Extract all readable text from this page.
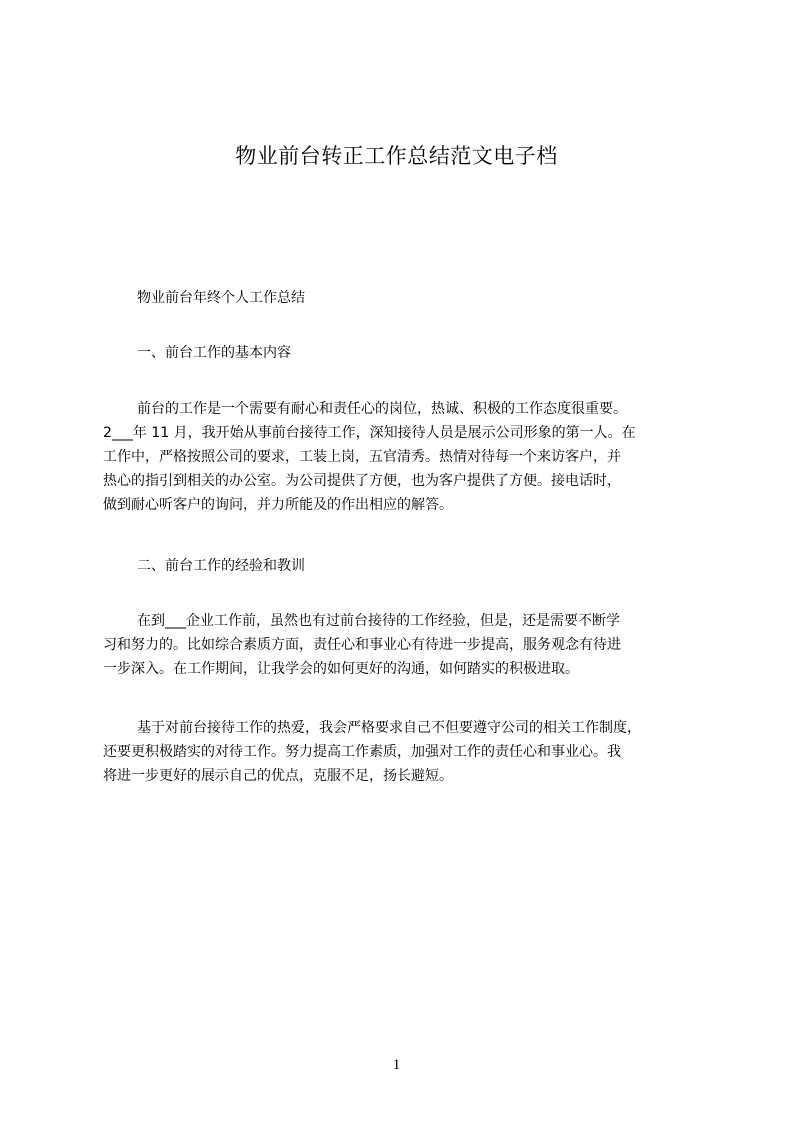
物业前台转正工作总结范文电子档
物业前台年终个人工作总结
一、前台工作的基本内容
前台的工作是一个需要有耐心和责任心的岗位，热诚、积极的工作态度很重要。
2___年 11 月，我开始从事前台接待工作，深知接待人员是展示公司形象的第一人。在
工作中，严格按照公司的要求，工装上岗，五官清秀。热情对待每一个来访客户，并
热心的指引到相关的办公室。为公司提供了方便，也为客户提供了方便。接电话时，
做到耐心听客户的询问，并力所能及的作出相应的解答。
二、前台工作的经验和教训
在到___企业工作前，虽然也有过前台接待的工作经验，但是，还是需要不断学
习和努力的。比如综合素质方面，责任心和事业心有待进一步提高，服务观念有待进
一步深入。在工作期间，让我学会的如何更好的沟通，如何踏实的积极进取。
基于对前台接待工作的热爱，我会严格要求自己不但要遵守公司的相关工作制度，
还要更积极踏实的对待工作。努力提高工作素质，加强对工作的责任心和事业心。我
将进一步更好的展示自己的优点，克服不足，扬长避短。
1
